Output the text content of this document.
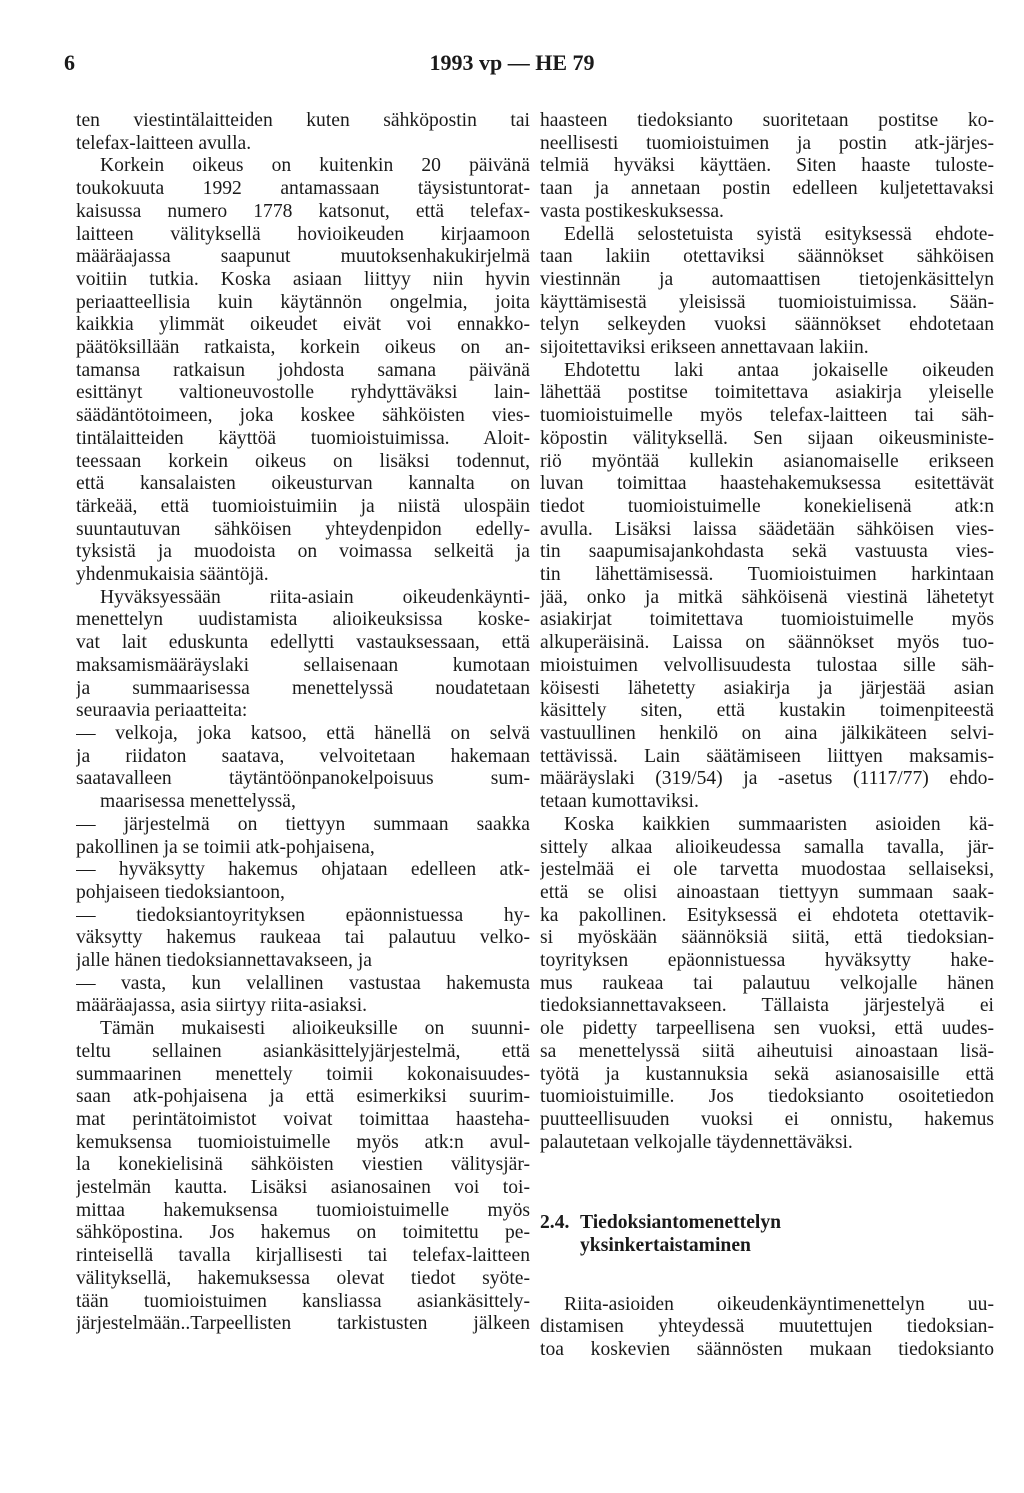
6	1993 vp — HE 79
ten viestintälaitteiden kuten sähköpostin tai
telefax-laitteen avulla.
Korkein oikeus on kuitenkin 20 päivänä
toukokuuta 1992 antamassaan täysistuntorat-
kaisussa numero 1778 katsonut, että telefax-
laitteen välityksellä hovioikeuden kirjaamoon
määräajassa saapunut muutoksenhakukirjelmä
voitiin tutkia. Koska asiaan liittyy niin hyvin
periaatteellisia kuin käytännön ongelmia, joita
kaikkia ylimmät oikeudet eivät voi ennakko-
päätöksillään ratkaista, korkein oikeus on an-
tamansa ratkaisun johdosta samana päivänä
esittänyt valtioneuvostolle ryhdyttäväksi lain-
säädäntötoimeen, joka koskee sähköisten vies-
tintälaitteiden käyttöä tuomioistuimissa. Aloit-
teessaan korkein oikeus on lisäksi todennut,
että kansalaisten oikeusturvan kannalta on
tärkeää, että tuomioistuimiin ja niistä ulospäin
suuntautuvan sähköisen yhteydenpidon edelly-
tyksistä ja muodoista on voimassa selkeitä ja
yhdenmukaisia sääntöjä.
Hyväksyessään riita-asiain oikeudenkäynti-
menettelyn uudistamista alioikeuksissa koske-
vat lait eduskunta edellytti vastauksessaan, että
maksamismääräyslaki sellaisenaan kumotaan
ja summaarisessa menettelyssä noudatetaan
seuraavia periaatteita:
— velkoja, joka katsoo, että hänellä on selvä
ja riidaton saatava, velvoitetaan hakemaan
saatavalleen täytäntöönpanokelpoisuus sum-
maarisessa menettelyssä,
— järjestelmä on tiettyyn summaan saakka
pakollinen ja se toimii atk-pohjaisena,
— hyväksytty hakemus ohjataan edelleen atk-
pohjaiseen tiedoksiantoon,
— tiedoksiantoyrityksen epäonnistuessa hy-
väksytty hakemus raukeaa tai palautuu velko-
jalle hänen tiedoksiannettavakseen, ja
— vasta, kun velallinen vastustaa hakemusta
määräajassa, asia siirtyy riita-asiaksi.
Tämän mukaisesti alioikeuksille on suunni-
teltu sellainen asiankäsittelyjärjestelmä, että
summaarinen menettely toimii kokonaisuudes-
saan atk-pohjaisena ja että esimerkiksi suurim-
mat perintätoimistot voivat toimittaa haasteha-
kemuksensa tuomioistuimelle myös atk:n avul-
la konekielisinä sähköisten viestien välitysjär-
jestelmän kautta. Lisäksi asianosainen voi toi-
mittaa hakemuksensa tuomioistuimelle myös
sähköpostina. Jos hakemus on toimitettu pe-
rinteisellä tavalla kirjallisesti tai telefax-laitteen
välityksellä, hakemuksessa olevat tiedot syöte-
tään tuomioistuimen kansliassa asiankäsittely-
järjestelmään..Tarpeellisten tarkistusten jälkeen
haasteen tiedoksianto suoritetaan postitse ko-
neellisesti tuomioistuimen ja postin atk-järjes-
telmiä hyväksi käyttäen. Siten haaste tuloste-
taan ja annetaan postin edelleen kuljetettavaksi
vasta postikeskuksessa.
Edellä selostetuista syistä esityksessä ehdote-
taan lakiin otettaviksi säännökset sähköisen
viestinnän ja automaattisen tietojenkäsittelyn
käyttämisestä yleisissä tuomioistuimissa. Sään-
telyn selkeyden vuoksi säännökset ehdotetaan
sijoitettaviksi erikseen annettavaan lakiin.
Ehdotettu laki antaa jokaiselle oikeuden
lähettää postitse toimitettava asiakirja yleiselle
tuomioistuimelle myös telefax-laitteen tai säh-
köpostin välityksellä. Sen sijaan oikeusministe-
riö myöntää kullekin asianomaiselle erikseen
luvan toimittaa haastehakemuksessa esitettävät
tiedot tuomioistuimelle konekielisenä atk:n
avulla. Lisäksi laissa säädetään sähköisen vies-
tin saapumisajankohdasta sekä vastuusta vies-
tin lähettämisessä. Tuomioistuimen harkintaan
jää, onko ja mitkä sähköisenä viestinä lähetetyt
asiakirjat toimitettava tuomioistuimelle myös
alkuperäisinä. Laissa on säännökset myös tuo-
mioistuimen velvollisuudesta tulostaa sille säh-
köisesti lähetetty asiakirja ja järjestää asian
käsittely siten, että kustakin toimenpiteestä
vastuullinen henkilö on aina jälkikäteen selvi-
tettävissä. Lain säätämiseen liittyen maksamis-
määräyslaki (319/54) ja -asetus (1117/77) ehdo-
tetaan kumottaviksi.
Koska kaikkien summaaristen asioiden kä-
sittely alkaa alioikeudessa samalla tavalla, jär-
jestelmää ei ole tarvetta muodostaa sellaiseksi,
että se olisi ainoastaan tiettyyn summaan saak-
ka pakollinen. Esityksessä ei ehdoteta otettavik-
si myöskään säännöksiä siitä, että tiedoksian-
toyrityksen epäonnistuessa hyväksytty hake-
mus raukeaa tai palautuu velkojalle hänen
tiedoksiannettavakseen. Tällaista järjestelyä ei
ole pidetty tarpeellisena sen vuoksi, että uudes-
sa menettelyssä siitä aiheutuisi ainoastaan lisä-
työtä ja kustannuksia sekä asianosaisille että
tuomioistuimille. Jos tiedoksianto osoitetiedon
puutteellisuuden vuoksi ei onnistu, hakemus
palautetaan velkojalle täydennettäväksi.
2.4. Tiedoksiantomenettelyn
yksinkertaistaminen
Riita-asioiden oikeudenkäyntimenettelyn uu-
distamisen yhteydessä muutettujen tiedoksian-
toa koskevien säännösten mukaan tiedoksianto
